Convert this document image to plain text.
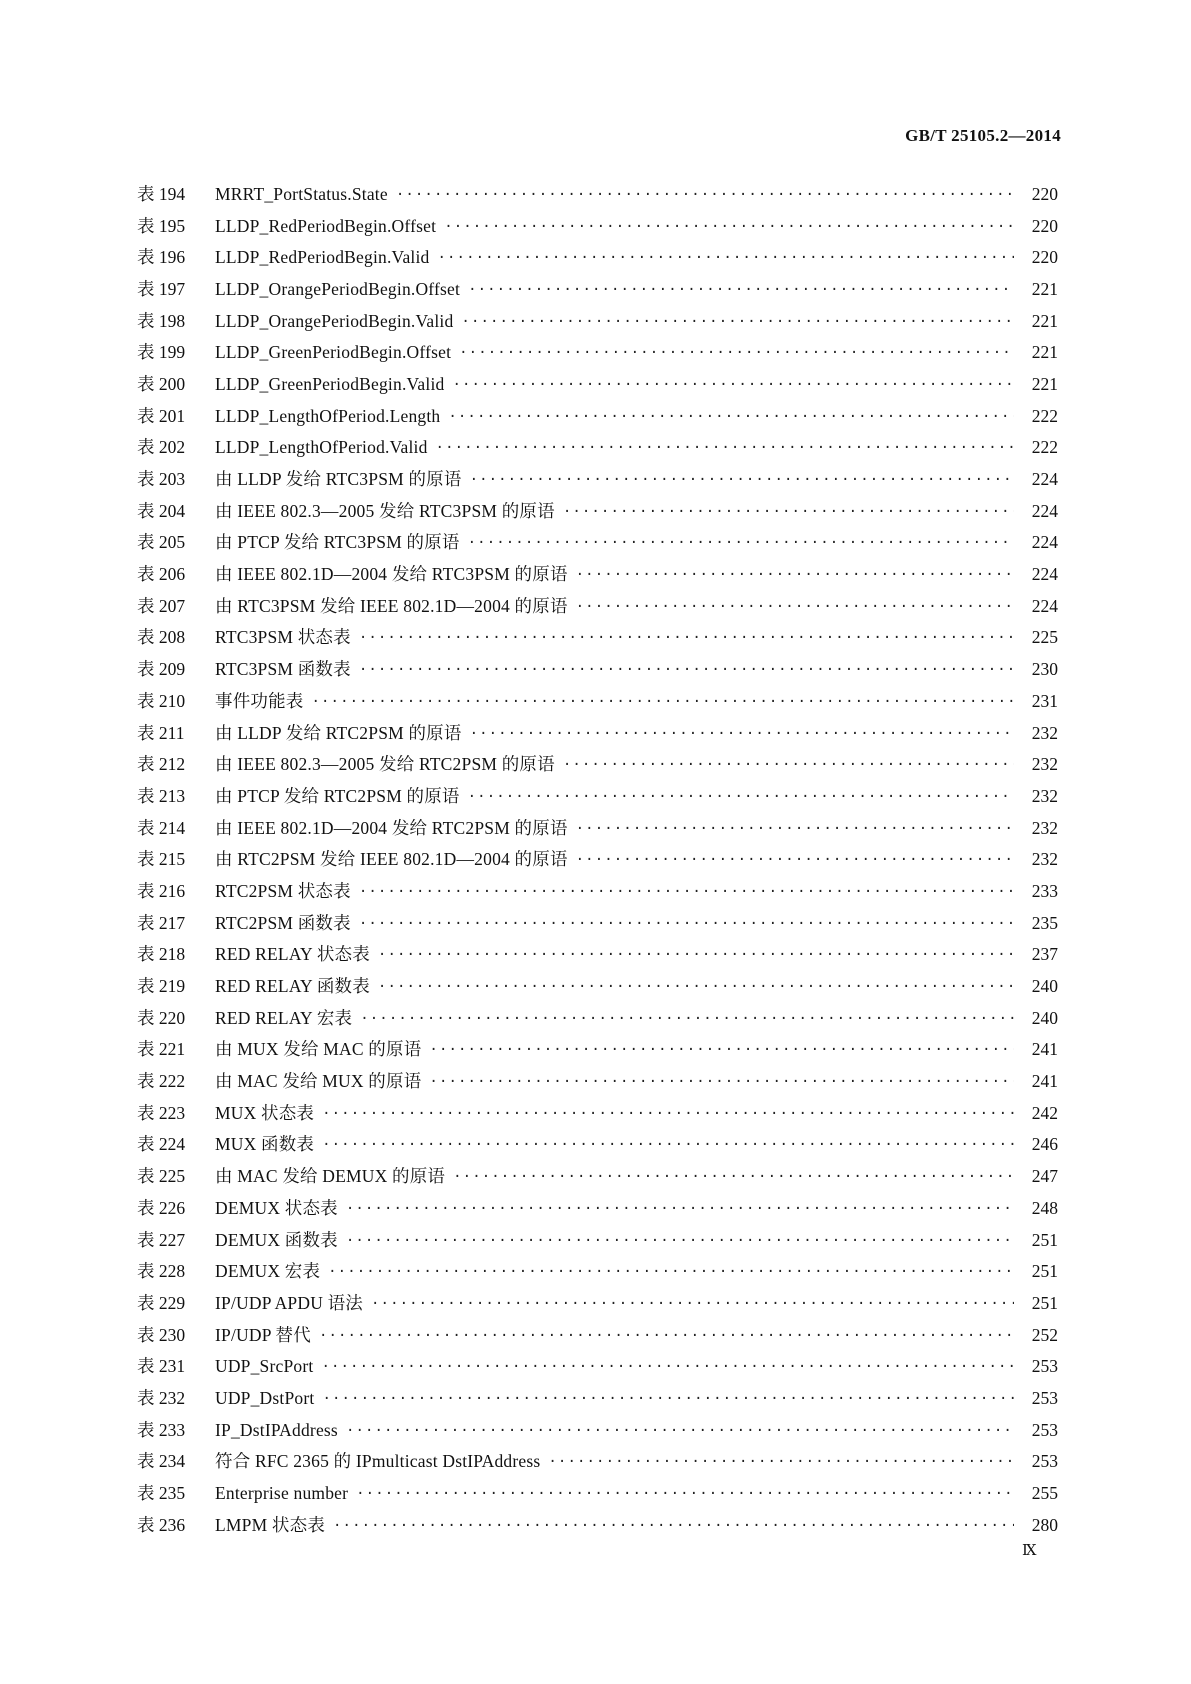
GB/T 25105.2—2014
表 194	MRRT_PortStatus.State ·····	220
表 195	LLDP_RedPeriodBegin.Offset ·····	220
表 196	LLDP_RedPeriodBegin.Valid ·····	220
表 197	LLDP_OrangePeriodBegin.Offset ·····	221
表 198	LLDP_OrangePeriodBegin.Valid ·····	221
表 199	LLDP_GreenPeriodBegin.Offset ·····	221
表 200	LLDP_GreenPeriodBegin.Valid ·····	221
表 201	LLDP_LengthOfPeriod.Length ·····	222
表 202	LLDP_LengthOfPeriod.Valid ·····	222
表 203	由 LLDP 发给 RTC3PSM 的原语 ·····	224
表 204	由 IEEE 802.3—2005 发给 RTC3PSM 的原语 ·····	224
表 205	由 PTCP 发给 RTC3PSM 的原语 ·····	224
表 206	由 IEEE 802.1D—2004 发给 RTC3PSM 的原语 ·····	224
表 207	由 RTC3PSM 发给 IEEE 802.1D—2004 的原语 ·····	224
表 208	RTC3PSM 状态表 ·····	225
表 209	RTC3PSM 函数表 ·····	230
表 210	事件功能表 ·····	231
表 211	由 LLDP 发给 RTC2PSM 的原语 ·····	232
表 212	由 IEEE 802.3—2005 发给 RTC2PSM 的原语 ·····	232
表 213	由 PTCP 发给 RTC2PSM 的原语 ·····	232
表 214	由 IEEE 802.1D—2004 发给 RTC2PSM 的原语 ·····	232
表 215	由 RTC2PSM 发给 IEEE 802.1D—2004 的原语 ·····	232
表 216	RTC2PSM 状态表 ·····	233
表 217	RTC2PSM 函数表 ·····	235
表 218	RED RELAY 状态表 ·····	237
表 219	RED RELAY 函数表 ·····	240
表 220	RED RELAY 宏表 ·····	240
表 221	由 MUX 发给 MAC 的原语 ·····	241
表 222	由 MAC 发给 MUX 的原语 ·····	241
表 223	MUX 状态表 ·····	242
表 224	MUX 函数表 ·····	246
表 225	由 MAC 发给 DEMUX 的原语 ·····	247
表 226	DEMUX 状态表 ·····	248
表 227	DEMUX 函数表 ·····	251
表 228	DEMUX 宏表 ·····	251
表 229	IP/UDP APDU 语法 ·····	251
表 230	IP/UDP 替代 ·····	252
表 231	UDP_SrcPort ·····	253
表 232	UDP_DstPort ·····	253
表 233	IP_DstIPAddress ·····	253
表 234	符合 RFC 2365 的 IPmulticast DstIPAddress ·····	253
表 235	Enterprise number ·····	255
表 236	LMPM 状态表 ·····	280
Ⅸ
